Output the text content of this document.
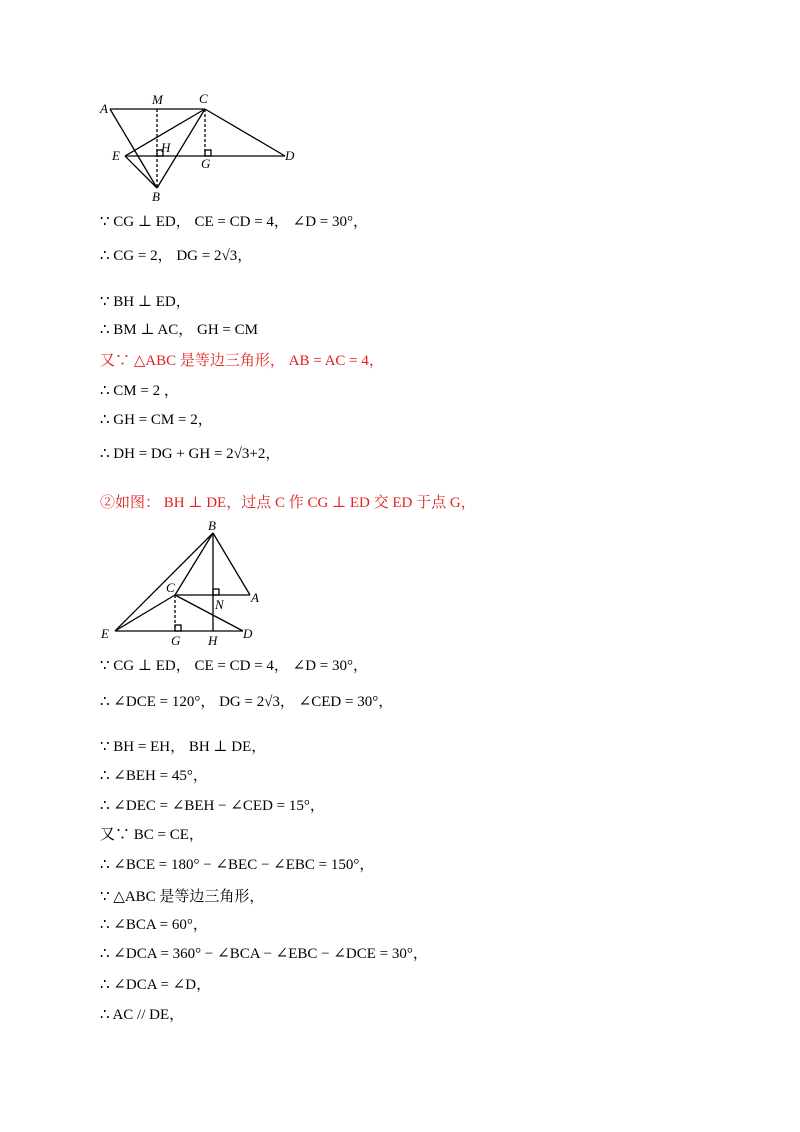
A
M	C
E
H
G
D
B
∵ CG ⊥ ED， CE = CD = 4， ∠D = 30°，
∴ CG = 2， DG = 2√3，
∵ BH ⊥ ED，
∴ BM ⊥ AC， GH = CM
又∵ △ABC 是等边三角形， AB = AC = 4，
∴ CM = 2 ，
∴ GH = CM = 2，
∴ DH = DG + GH = 2√3+2，
②如图： BH ⊥ DE，过点 C 作 CG ⊥ ED 交 ED 于点 G，
B
C
N A
E	G H D
∵ CG ⊥ ED， CE = CD = 4， ∠D = 30°，
∴ ∠DCE = 120°， DG = 2√3， ∠CED = 30°，
∵ BH = EH， BH ⊥ DE，
∴ ∠BEH = 45°，
∴ ∠DEC = ∠BEH − ∠CED = 15°，
又∵ BC = CE，
∴ ∠BCE = 180° − ∠BEC − ∠EBC = 150°，
∵ △ABC 是等边三角形，
∴ ∠BCA = 60°，
∴ ∠DCA = 360° − ∠BCA − ∠EBC − ∠DCE = 30°，
∴ ∠DCA = ∠D，
∴ AC // DE，
